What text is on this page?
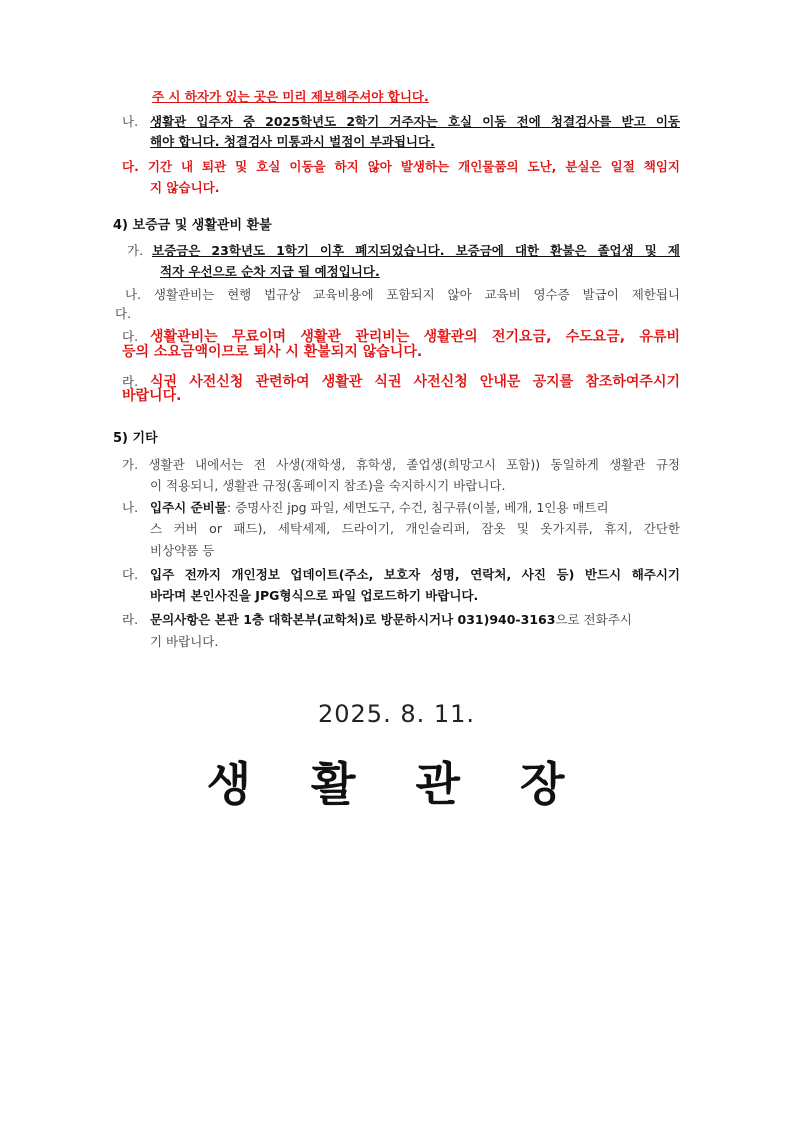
주 시 하자가 있는 곳은 미리 제보해주셔야 합니다.
나. 생활관 입주자 중 2025학년도 2학기 거주자는 호실 이동 전에 청결검사를 받고 이동
해야 합니다. 청결검사 미통과시 벌점이 부과됩니다.
다. 기간 내 퇴관 및 호실 이동을 하지 않아 발생하는 개인물품의 도난, 분실은 일절 책임지
지 않습니다.
4) 보증금 및 생활관비 환불
가. 보증금은 23학년도 1학기 이후 폐지되었습니다. 보증금에 대한 환불은 졸업생 및 제
적자 우선으로 순차 지급 될 예정입니다.
나. 생활관비는 현행 법규상 교육비용에 포함되지 않아 교육비 영수증 발급이 제한됩니
다.
다. 생활관비는 무료이며 생활관 관리비는 생활관의 전기요금, 수도요금, 유류비
등의 소요금액이므로 퇴사 시 환불되지 않습니다.
라. 식권 사전신청 관련하여 생활관 식권 사전신청 안내문 공지를 참조하여주시기
바랍니다.
5) 기타
가. 생활관 내에서는 전 사생(재학생, 휴학생, 졸업생(희망고시 포함)) 동일하게 생활관 규정
이 적용되니, 생활관 규정(홈페이지 참조)을 숙지하시기 바랍니다.
나. 입주시 준비물: 증명사진 jpg 파일, 세면도구, 수건, 침구류(이불, 베개, 1인용 매트리
스 커버 or 패드), 세탁세제, 드라이기, 개인슬리퍼, 잠옷 및 옷가지류, 휴지, 간단한
비상약품 등
다. 입주 전까지 개인정보 업데이트(주소, 보호자 성명, 연락처, 사진 등) 반드시 해주시기
바라며 본인사진을 JPG형식으로 파일 업로드하기 바랍니다.
라. 문의사항은 본관 1층 대학본부(교학처)로 방문하시거나 031)940-3163으로 전화주시
기 바랍니다.
2025. 8. 11.
생 활 관 장
